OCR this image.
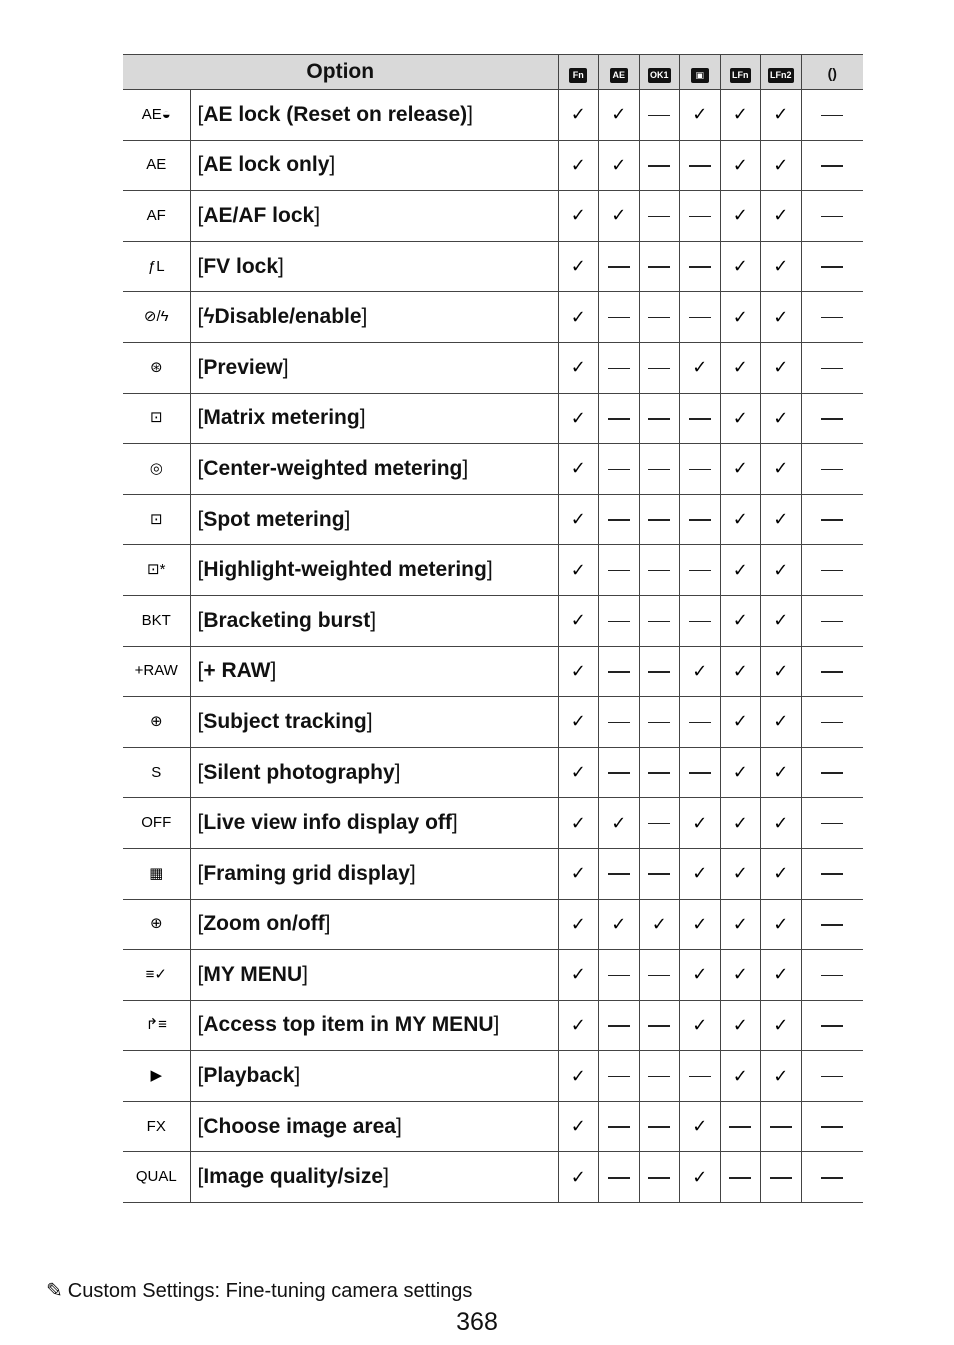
Option		Fn	AE	OK1	▣	LFn	LFn2	()
AE◒	[AE lock (Reset on release)]	✓	✓		✓	✓	✓	
AE	[AE lock only]	✓	✓			✓	✓	
AF	[AE/AF lock]	✓	✓			✓	✓	
ƒL	[FV lock]	✓				✓	✓	
⊘/ϟ	[ϟDisable/enable]	✓				✓	✓	
⊛	[Preview]	✓			✓	✓	✓	
⊡	[Matrix metering]	✓				✓	✓	
◎	[Center-weighted metering]	✓				✓	✓	
⊡	[Spot metering]	✓				✓	✓	
⊡*	[Highlight-weighted metering]	✓				✓	✓	
BKT	[Bracketing burst]	✓				✓	✓	
+RAW	[+ RAW]	✓			✓	✓	✓	
⊕	[Subject tracking]	✓				✓	✓	
S	[Silent photography]	✓				✓	✓	
OFF	[Live view info display off]	✓	✓		✓	✓	✓	
▦	[Framing grid display]	✓			✓	✓	✓	
⊕	[Zoom on/off]	✓	✓	✓	✓	✓	✓	
≡✓	[MY MENU]	✓			✓	✓	✓	
↱≡	[Access top item in MY MENU]	✓			✓	✓	✓	
▶	[Playback]	✓				✓	✓	
FX	[Choose image area]	✓			✓			
QUAL	[Image quality/size]	✓			✓			
✎ Custom Settings: Fine-tuning camera settings
368
